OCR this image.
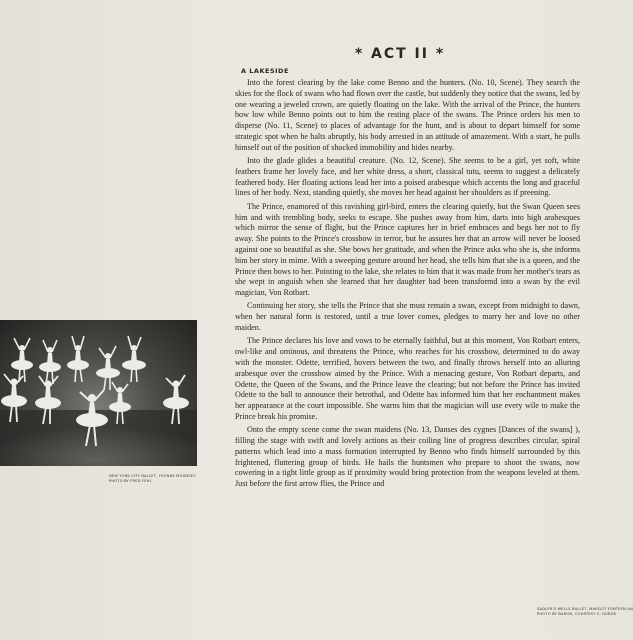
* ACT II *
A LAKESIDE

Into the forest clearing by the lake come Benno and the hunters. (No. 10, Scene). They search the skies for the flock of swans who had flown over the castle, but suddenly they notice that the swans, led by one wearing a jeweled crown, are quietly floating on the lake. With the arrival of the Prince, the hunters bow low while Benno points out to him the resting place of the swans. The Prince orders his men to disperse (No. 11, Scene) to places of advantage for the hunt, and is about to depart himself for some strategic spot when he halts abruptly, his body arrested in an attitude of amazement. With a start, he pulls himself out of the position of shocked immobility and hides nearby.

Into the glade glides a beautiful creature. (No. 12, Scene). She seems to be a girl, yet soft, white feathers frame her lovely face, and her white dress, a short, classical tutu, seems to suggest a delicately feathered body. Her floating actions lead her into a poised arabesque which accents the long and graceful lines of her body. Next, standing quietly, she moves her head against her shoulders as if preening.

The Prince, enamored of this ravishing girl-bird, enters the clearing quietly, but the Swan Queen sees him and with trembling body, seeks to escape. She pushes away from him, darts into high arabesques which mirror the sense of flight, but the Prince captures her in brief embraces and begs her not to fly away. She points to the Prince's crossbow in terror, but he assures her that an arrow will never be loosed against one so beautiful as she. She bows her gratitude, and when the Prince asks who she is, she informs him her story in mime. With a sweeping gesture around her head, she tells him that she is a queen, and the Prince then bows to her. Pointing to the lake, she relates to him that it was made from her mother's tears as she wept in anguish when she learned that her daughter had been transformd into a swan by the evil magician, Von Rotbart.

Continuing her story, she tells the Prince that she must remain a swan, except from midnight to dawn, when her natural form is restored, until a true lover comes, pledges to marry her and love no other maiden.

The Prince declares his love and vows to be eternally faithful, but at this moment, Von Rotbart enters, owl-like and ominous, and threatens the Prince, who reaches for his crossbow, determined to do away with the monster. Odette, terrified, hovers between the two, and finally throws herself into an alluring arabesque over the crossbow aimed by the Prince. With a menacing gesture, Von Rotbart departs, and Odette, the Queen of the Swans, and the Prince leave the clearing; but not before the Prince has invited Odette to the ball to announce their betrothal, and Odette has informed him that her enchantment makes her appearance at the court impossible. She warns him that the magician will use every wile to make the Prince break his promise.

Onto the empty scene come the swan maidens (No. 13, Danses des cygnes [Dances of the swans] ), filling the stage with swift and lovely actions as their coiling line of progress describes circular, spiral patterns which lead into a mass formation interrupted by Benno who finds himself surrounded by this frightened, fluttering group of birds. He hails the huntsmen who prepare to shoot the swans, now cowering in a tight little group as if proximity would bring protection from the weapons leveled at them. Just before the first arrow flies, the Prince and

NEW YORK CITY BALLET, YVONNE MOUNSEY
PHOTO BY FRED FEHL
SADLER'S WELLS BALLET, MARGOT FONTEYN AN
PHOTO BY BARON, COURTESY S. HUROK
